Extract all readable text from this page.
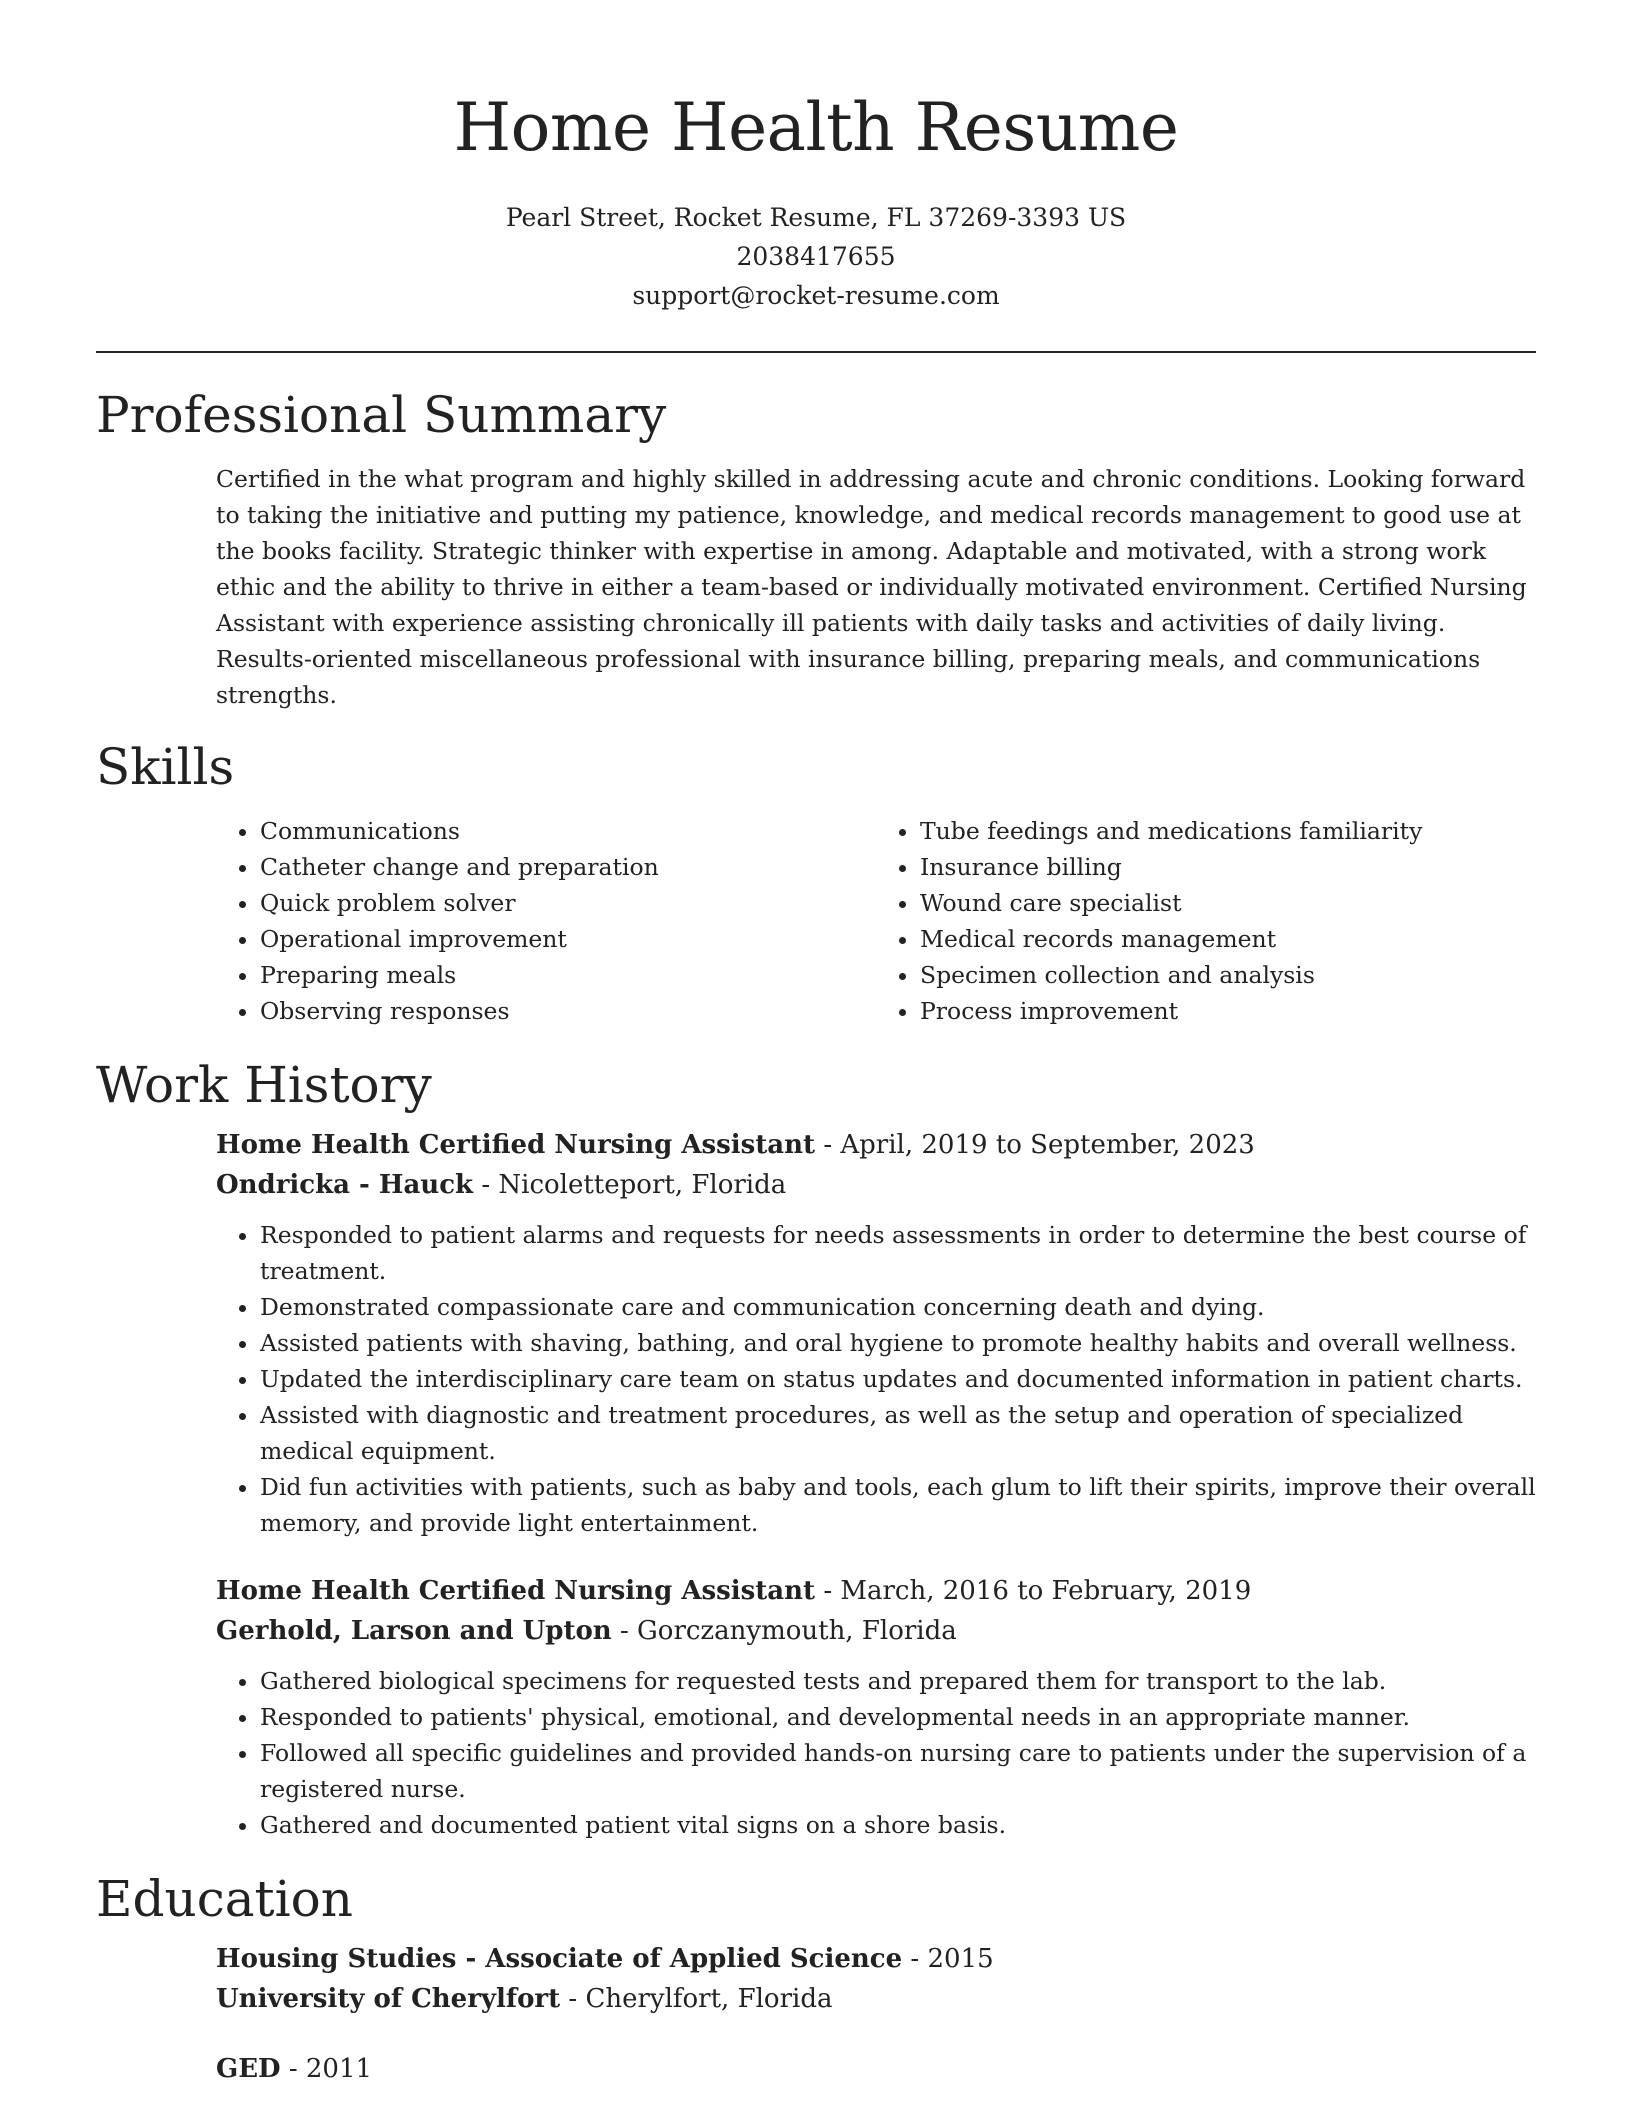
Home Health Resume
Pearl Street, Rocket Resume, FL 37269-3393 US
2038417655
support@rocket-resume.com
Professional Summary

Certified in the what program and highly skilled in addressing acute and chronic conditions. Looking forward to taking the initiative and putting my patience, knowledge, and medical records management to good use at the books facility. Strategic thinker with expertise in among. Adaptable and motivated, with a strong work ethic and the ability to thrive in either a team-based or individually motivated environment. Certified Nursing Assistant with experience assisting chronically ill patients with daily tasks and activities of daily living. Results-oriented miscellaneous professional with insurance billing, preparing meals, and communications strengths.

Skills
• Communications
• Catheter change and preparation
• Quick problem solver
• Operational improvement
• Preparing meals
• Observing responses
• Tube feedings and medications familiarity
• Insurance billing
• Wound care specialist
• Medical records management
• Specimen collection and analysis
• Process improvement
Work History
Home Health Certified Nursing Assistant - April, 2019 to September, 2023
Ondricka - Hauck - Nicoletteport, Florida
• Responded to patient alarms and requests for needs assessments in order to determine the best course of treatment.
• Demonstrated compassionate care and communication concerning death and dying.
• Assisted patients with shaving, bathing, and oral hygiene to promote healthy habits and overall wellness.
• Updated the interdisciplinary care team on status updates and documented information in patient charts.
• Assisted with diagnostic and treatment procedures, as well as the setup and operation of specialized medical equipment.
• Did fun activities with patients, such as baby and tools, each glum to lift their spirits, improve their overall memory, and provide light entertainment.
Home Health Certified Nursing Assistant - March, 2016 to February, 2019
Gerhold, Larson and Upton - Gorczanymouth, Florida
• Gathered biological specimens for requested tests and prepared them for transport to the lab.
• Responded to patients' physical, emotional, and developmental needs in an appropriate manner.
• Followed all specific guidelines and provided hands-on nursing care to patients under the supervision of a registered nurse.
• Gathered and documented patient vital signs on a shore basis.
Education
Housing Studies - Associate of Applied Science - 2015
University of Cherylfort - Cherylfort, Florida
GED - 2011
